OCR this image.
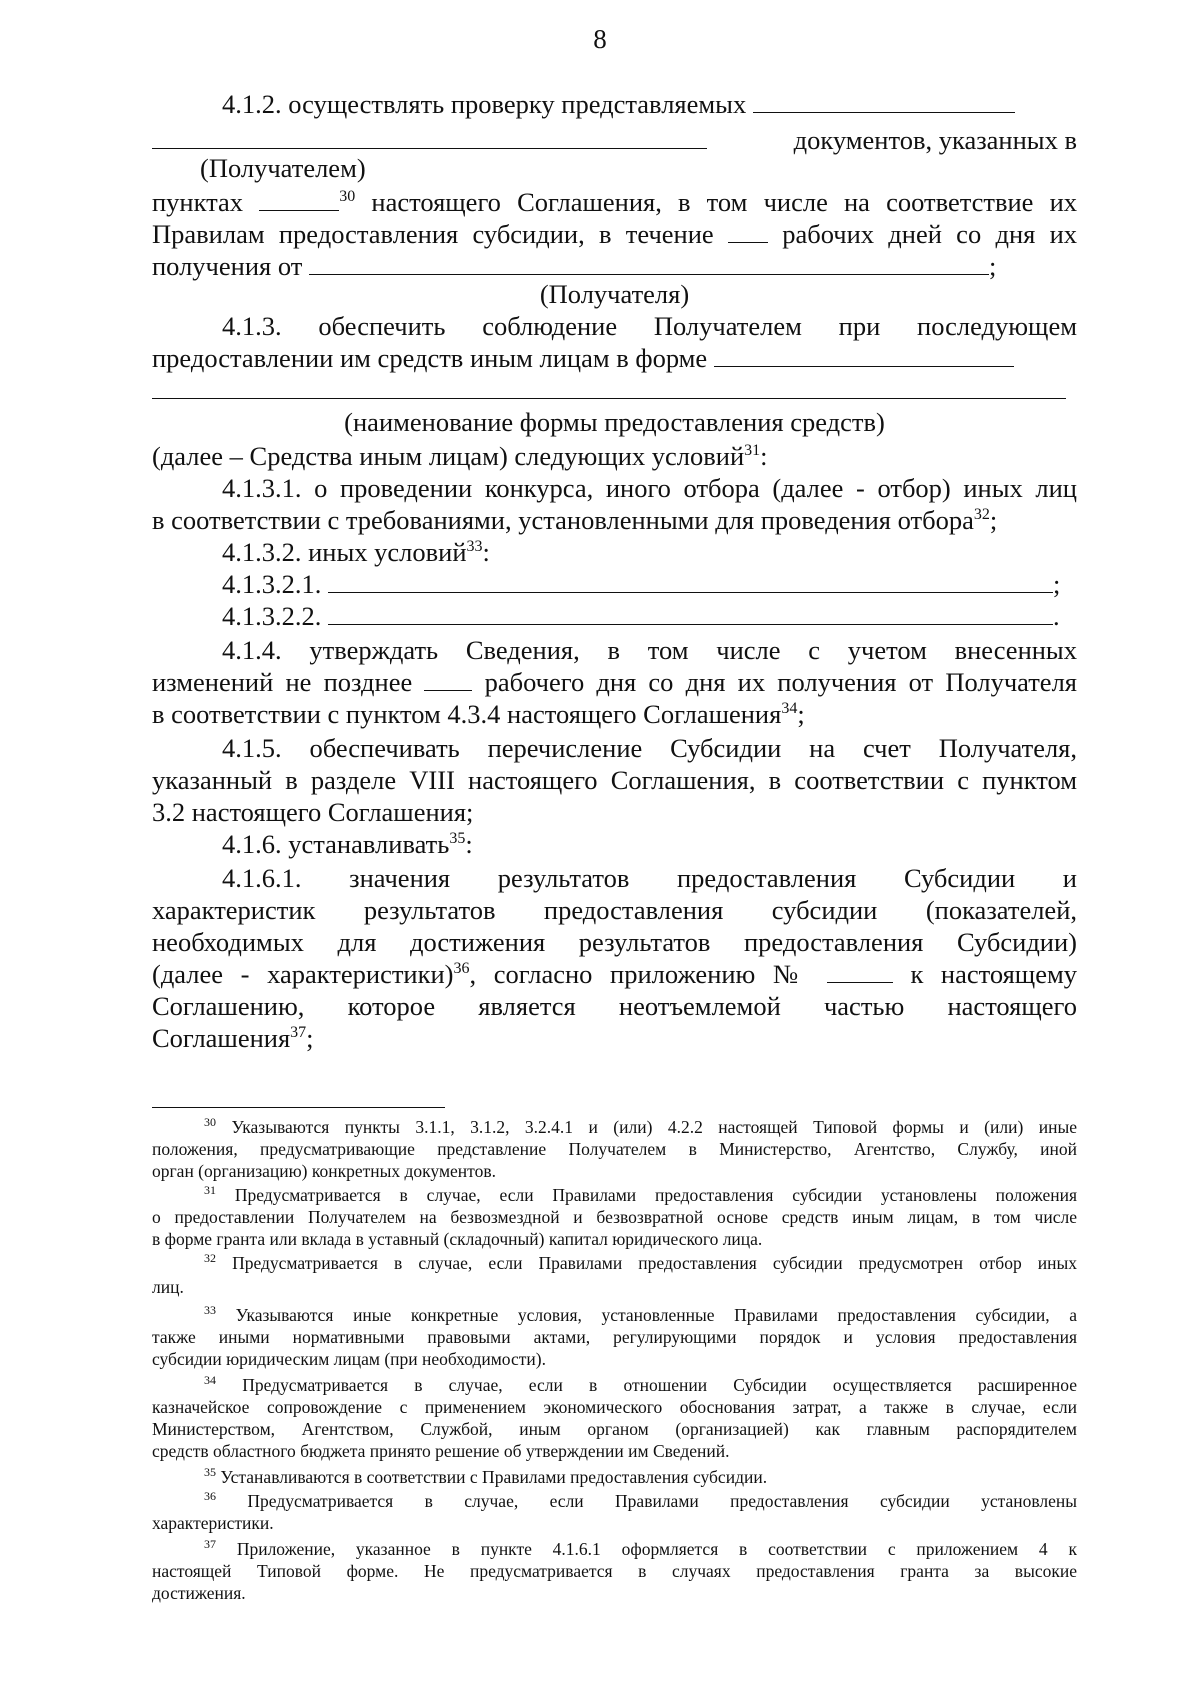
8
4.1.2. осуществлять проверку представляемых
документов, указанных в
(Получателем)
пунктах	$^{30}$ настоящего Соглашения, в том числе на соответствие их
Правилам предоставления субсидии, в течение	рабочих дней со дня их
получения от	;
(Получателя)
4.1.3. обеспечить соблюдение Получателем при последующем
предоставлении им средств иным лицам в форме
(наименование формы предоставления средств)
(далее – Средства иным лицам) следующих условий$^{31}$:
4.1.3.1. о проведении конкурса, иного отбора (далее - отбор) иных лиц
в соответствии с требованиями, установленными для проведения отбора$^{32}$;
4.1.3.2. иных условий$^{33}$:
4.1.3.2.1.	;
4.1.3.2.2.	.
4.1.4. утверждать Сведения, в том числе с учетом внесенных
изменений не позднее	рабочего дня со дня их получения от Получателя
в соответствии с пунктом 4.3.4 настоящего Соглашения$^{34}$;
4.1.5. обеспечивать перечисление Субсидии на счет Получателя,
указанный в разделе VIII настоящего Соглашения, в соответствии с пунктом
3.2 настоящего Соглашения;
4.1.6. устанавливать$^{35}$:
4.1.6.1. значения результатов предоставления Субсидии и
характеристик результатов предоставления субсидии (показателей,
необходимых для достижения результатов предоставления Субсидии)
(далее - характеристики)$^{36}$, согласно приложению №	к настоящему
Соглашению, которое является неотъемлемой частью настоящего
Соглашения$^{37}$;
$^{30}$ Указываются пункты 3.1.1, 3.1.2, 3.2.4.1 и (или) 4.2.2 настоящей Типовой формы и (или) иные
положения, предусматривающие представление Получателем в Министерство, Агентство, Службу, иной
орган (организацию) конкретных документов.
$^{31}$ Предусматривается в случае, если Правилами предоставления субсидии установлены положения
о предоставлении Получателем на безвозмездной и безвозвратной основе средств иным лицам, в том числе
в форме гранта или вклада в уставный (складочный) капитал юридического лица.
$^{32}$ Предусматривается в случае, если Правилами предоставления субсидии предусмотрен отбор иных
лиц.
$^{33}$ Указываются иные конкретные условия, установленные Правилами предоставления субсидии, а
также иными нормативными правовыми актами, регулирующими порядок и условия предоставления
субсидии юридическим лицам (при необходимости).
$^{34}$ Предусматривается в случае, если в отношении Субсидии осуществляется расширенное
казначейское сопровождение с применением экономического обоснования затрат, а также в случае, если
Министерством, Агентством, Службой, иным органом (организацией) как главным распорядителем
средств областного бюджета принято решение об утверждении им Сведений.
$^{35}$ Устанавливаются в соответствии с Правилами предоставления субсидии.
$^{36}$ Предусматривается в случае, если Правилами предоставления субсидии установлены
характеристики.
$^{37}$ Приложение, указанное в пункте 4.1.6.1 оформляется в соответствии с приложением 4 к
настоящей Типовой форме. Не предусматривается в случаях предоставления гранта за высокие
достижения.
